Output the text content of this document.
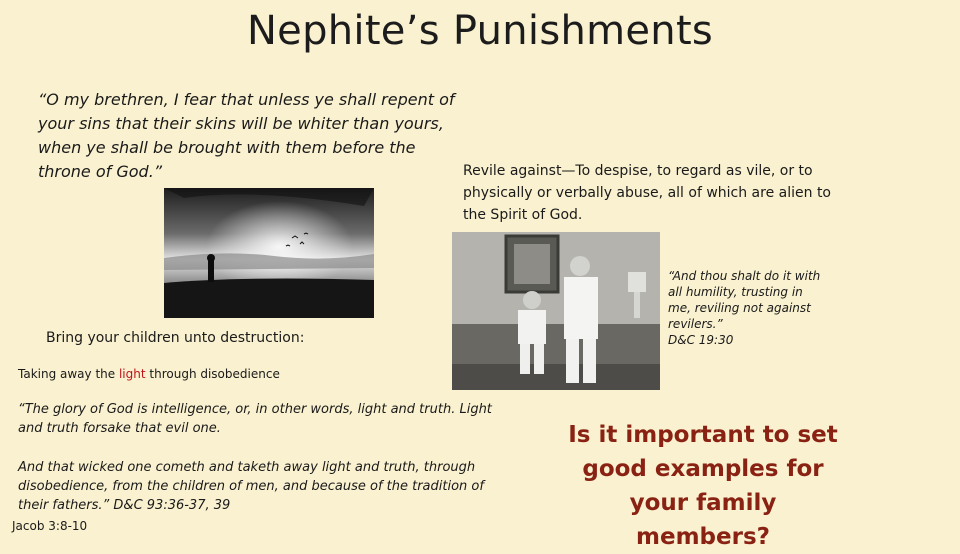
Nephite’s Punishments
“O my brethren, I fear that unless ye shall repent of your sins that their skins will be whiter than yours, when ye shall be brought with them before the throne of God.”	Revile against—To despise, to regard as vile, or to physically or verbally abuse, all of which are alien to the Spirit of God.
“And thou shalt do it with all humility, trusting in
me, reviling not against
revilers.”
D&C 19:30
Bring your children unto destruction:
Taking away the light through disobedience
“The glory of God is intelligence, or, in other words, light and truth. Light and truth forsake that evil one.
And that wicked one cometh and taketh away light and truth, through disobedience, from the children of men, and because of the tradition of their fathers.” D&C 93:36-37, 39
Jacob 3:8-10
Is it important to set good examples for your family members?
